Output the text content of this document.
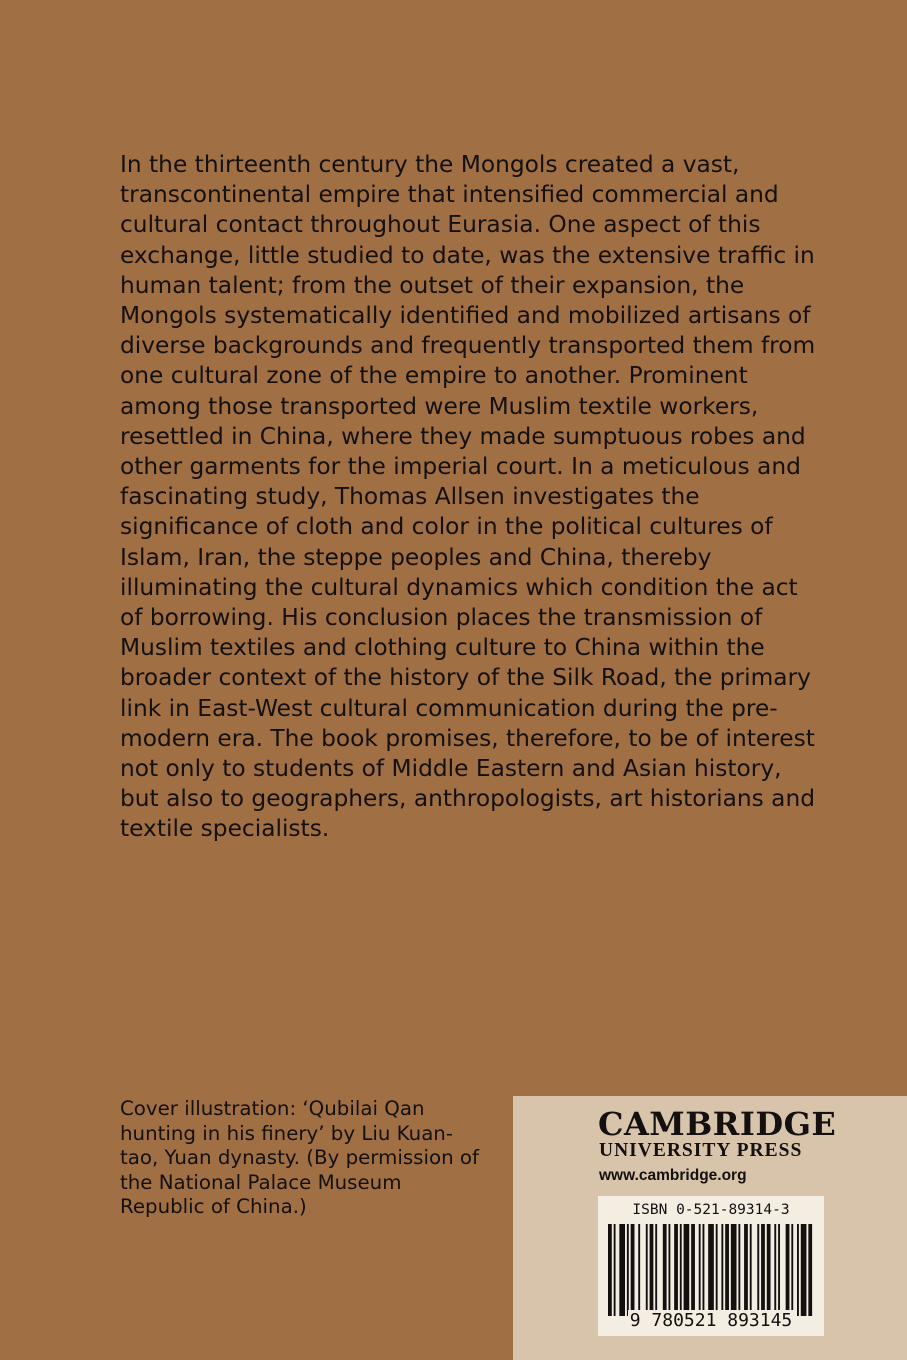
In the thirteenth century the Mongols created a vast, transcontinental empire that intensified commercial and cultural contact throughout Eurasia. One aspect of this exchange, little studied to date, was the extensive traffic in human talent; from the outset of their expansion, the Mongols systematically identified and mobilized artisans of diverse backgrounds and frequently transported them from one cultural zone of the empire to another. Prominent among those transported were Muslim textile workers, resettled in China, where they made sumptuous robes and other garments for the imperial court. In a meticulous and fascinating study, Thomas Allsen investigates the significance of cloth and color in the political cultures of Islam, Iran, the steppe peoples and China, thereby illuminating the cultural dynamics which condition the act of borrowing. His conclusion places the transmission of Muslim textiles and clothing culture to China within the broader context of the history of the Silk Road, the primary link in East-West cultural communication during the pre-modern era. The book promises, therefore, to be of interest not only to students of Middle Eastern and Asian history, but also to geographers, anthropologists, art historians and textile specialists.

Cover illustration: ‘Qubilai Qan hunting in his finery’ by Liu Kuan-tao, Yuan dynasty. (By permission of the National Palace Museum Republic of China.)

CAMBRIDGE
UNIVERSITY PRESS
www.cambridge.org
ISBN 0-521-89314-3
9 780521 893145
